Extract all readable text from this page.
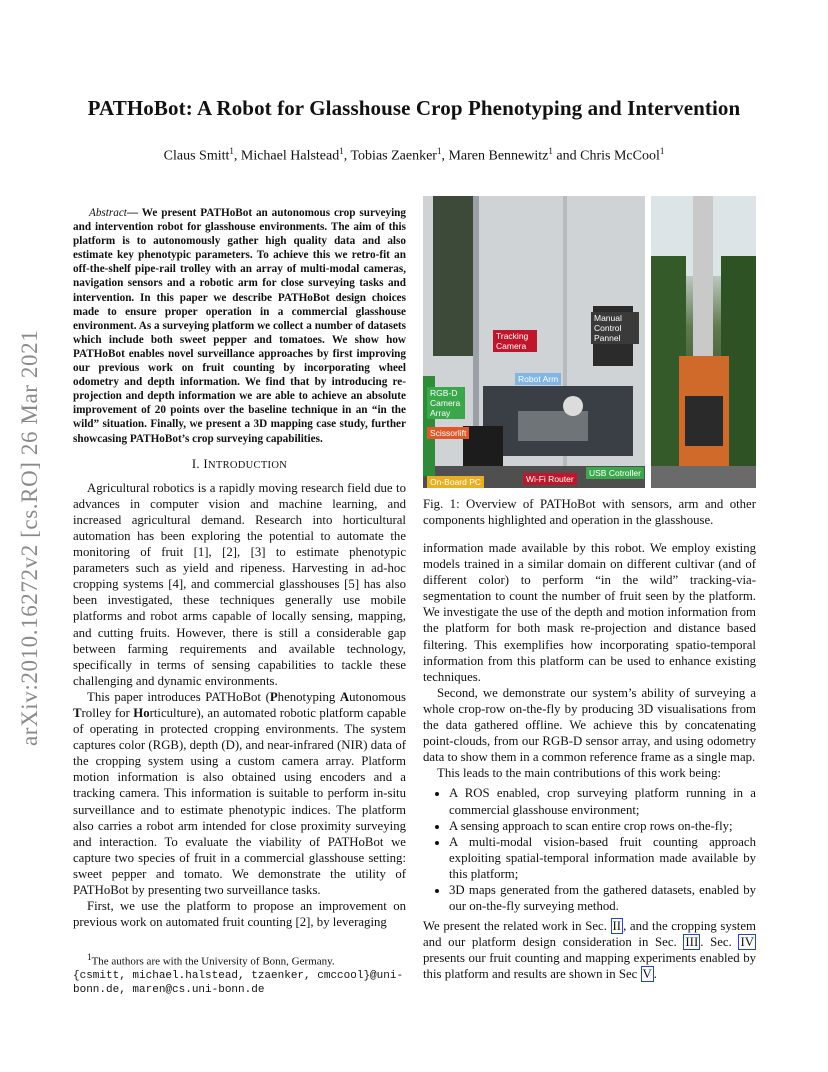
PATHoBot: A Robot for Glasshouse Crop Phenotyping and Intervention
Claus Smitt$^1$, Michael Halstead$^1$, Tobias Zaenker$^1$, Maren Bennewitz$^1$ and Chris McCool$^1$
arXiv:2010.16272v2 [cs.RO] 26 Mar 2021

Abstract— We present PATHoBot an autonomous crop surveying and intervention robot for glasshouse environments. The aim of this platform is to autonomously gather high quality data and also estimate key phenotypic parameters. To achieve this we retro-fit an off-the-shelf pipe-rail trolley with an array of multi-modal cameras, navigation sensors and a robotic arm for close surveying tasks and intervention. In this paper we describe PATHoBot design choices made to ensure proper operation in a commercial glasshouse environment. As a surveying platform we collect a number of datasets which include both sweet pepper and tomatoes. We show how PATHoBot enables novel surveillance approaches by first improving our previous work on fruit counting by incorporating wheel odometry and depth information. We find that by introducing re-projection and depth information we are able to achieve an absolute improvement of 20 points over the baseline technique in an “in the wild” situation. Finally, we present a 3D mapping case study, further showcasing PATHoBot’s crop surveying capabilities.

I. INTRODUCTION

Agricultural robotics is a rapidly moving research field due to advances in computer vision and machine learning, and increased agricultural demand. Research into horticultural automation has been exploring the potential to automate the monitoring of fruit [1], [2], [3] to estimate phenotypic parameters such as yield and ripeness. Harvesting in ad-hoc cropping systems [4], and commercial glasshouses [5] has also been investigated, these techniques generally use mobile platforms and robot arms capable of locally sensing, mapping, and cutting fruits. However, there is still a considerable gap between farming requirements and available technology, specifically in terms of sensing capabilities to tackle these challenging and dynamic environments.

This paper introduces PATHoBot (Phenotyping Autonomous Trolley for Horticulture), an automated robotic platform capable of operating in protected cropping environments. The system captures color (RGB), depth (D), and near-infrared (NIR) data of the cropping system using a custom camera array. Platform motion information is also obtained using encoders and a tracking camera. This information is suitable to perform in-situ surveillance and to estimate phenotypic indices. The platform also carries a robot arm intended for close proximity surveying and interaction. To evaluate the viability of PATHoBot we capture two species of fruit in a commercial glasshouse setting: sweet pepper and tomato. We demonstrate the utility of PATHoBot by presenting two surveillance tasks.

First, we use the platform to propose an improvement on previous work on automated fruit counting [2], by leveraging

$^1$The authors are with the University of Bonn, Germany.
{csmitt, michael.halstead, tzaenker, cmccool}@uni-bonn.de, maren@cs.uni-bonn.de
Tracking Camera
Manual Control Pannel
Robot Arm
RGB-D Camera Array
Scissorlift
On-Board PC	Wi-Fi Router
USB Cotroller
Fig. 1: Overview of PATHoBot with sensors, arm and other components highlighted and operation in the glasshouse.

information made available by this robot. We employ existing models trained in a similar domain on different cultivar (and of different color) to perform “in the wild” tracking-via-segmentation to count the number of fruit seen by the platform. We investigate the use of the depth and motion information from the platform for both mask re-projection and distance based filtering. This exemplifies how incorporating spatio-temporal information from this platform can be used to enhance existing techniques.

Second, we demonstrate our system’s ability of surveying a whole crop-row on-the-fly by producing 3D visualisations from the data gathered offline. We achieve this by concatenating point-clouds, from our RGB-D sensor array, and using odometry data to show them in a common reference frame as a single map.

This leads to the main contributions of this work being:

• A ROS enabled, crop surveying platform running in a commercial glasshouse environment;
• A sensing approach to scan entire crop rows on-the-fly;
• A multi-modal vision-based fruit counting approach exploiting spatial-temporal information made available by this platform;
• 3D maps generated from the gathered datasets, enabled by our on-the-fly surveying method.

We present the related work in Sec. II , and the cropping system and our platform design consideration in Sec. III . Sec. IV presents our fruit counting and mapping experiments enabled by this platform and results are shown in Sec V .
